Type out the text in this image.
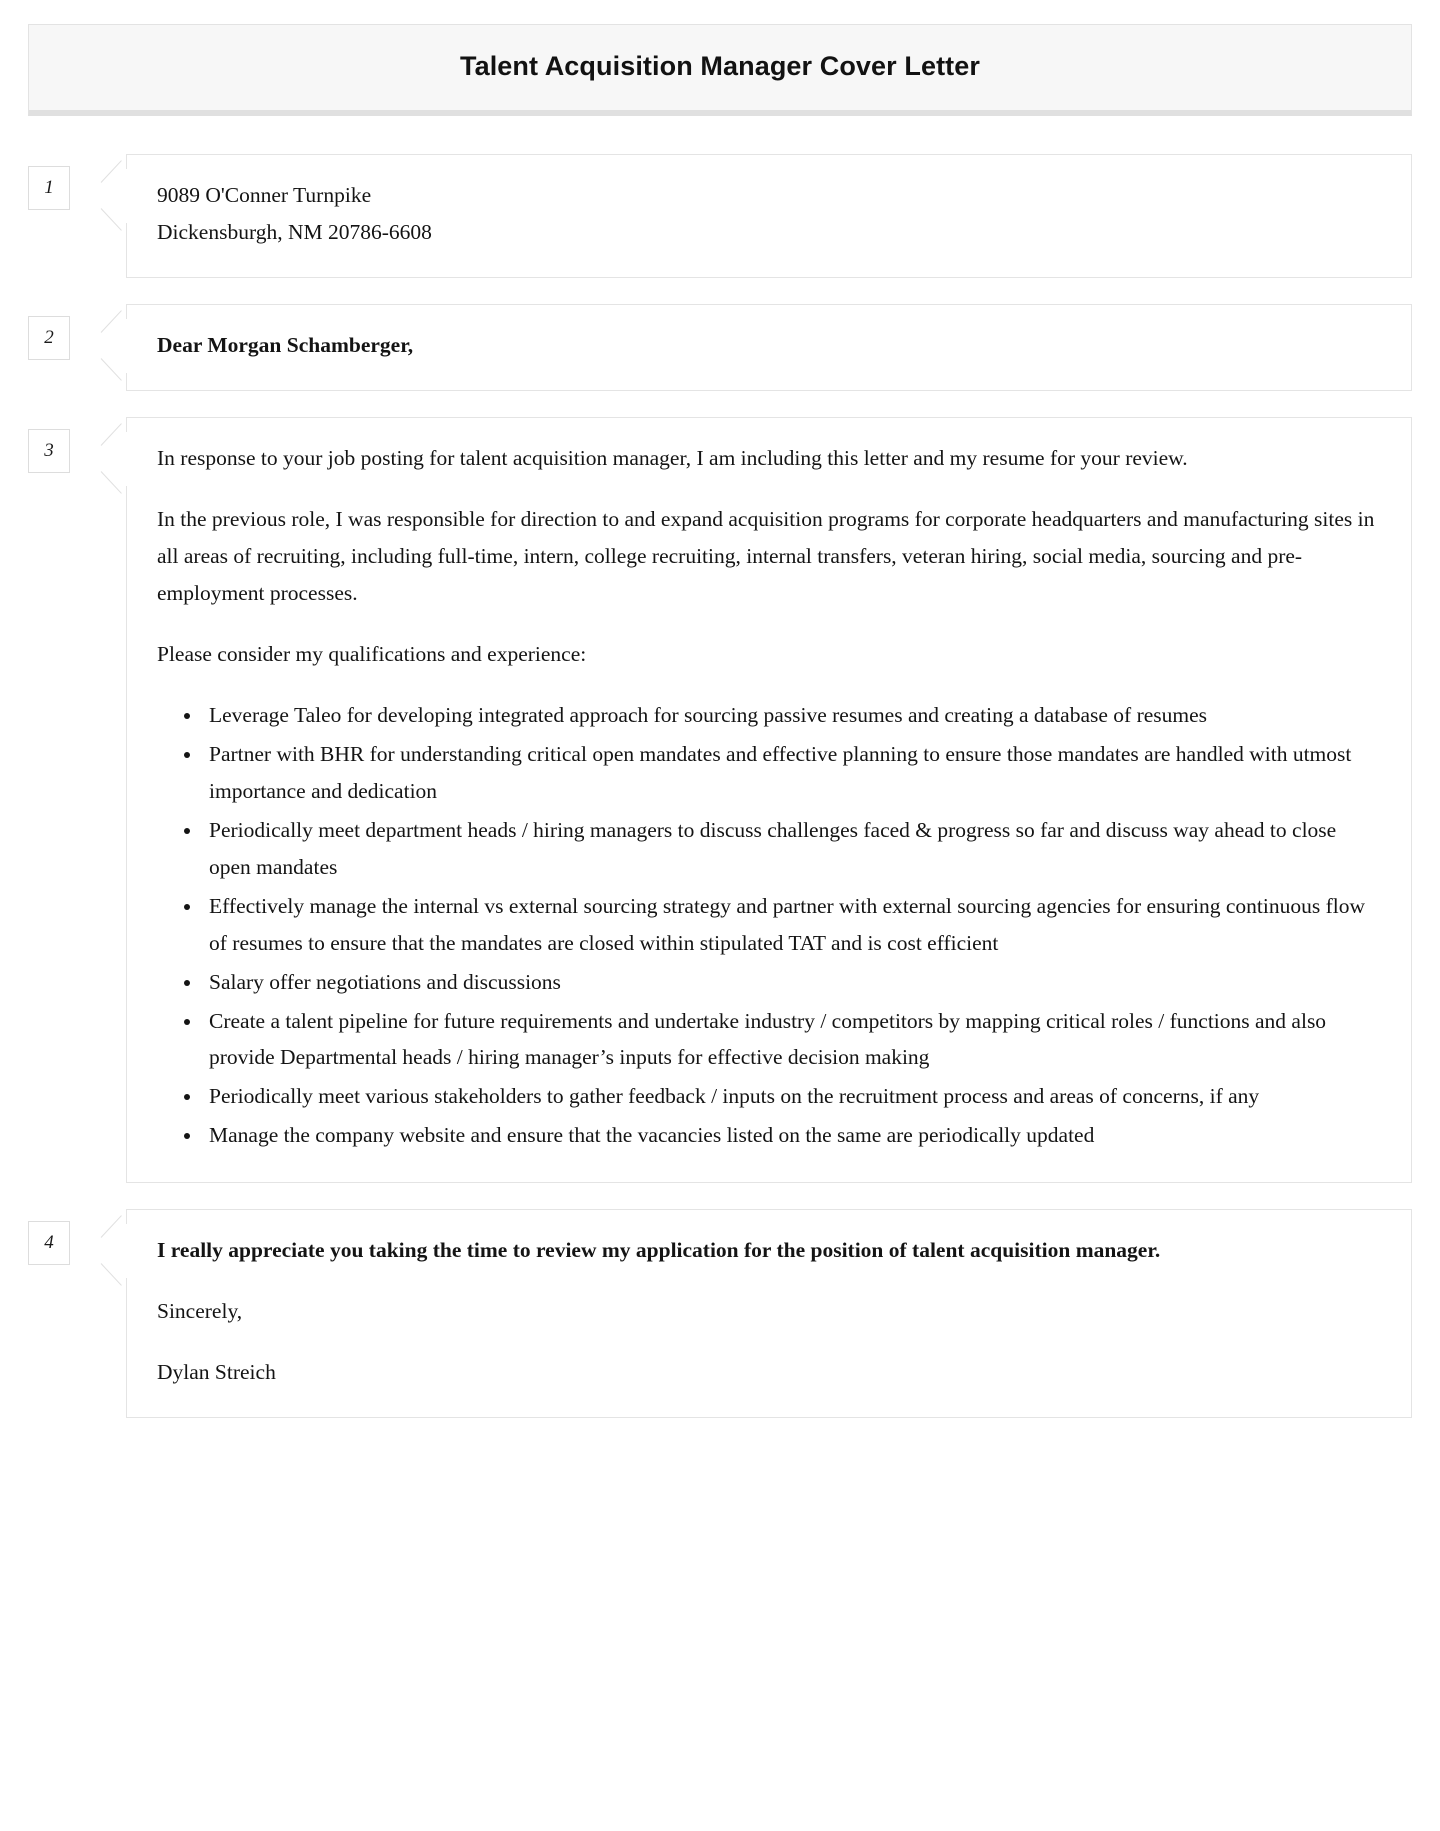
Talent Acquisition Manager Cover Letter
1	9089 O'Conner Turnpike
Dickensburgh, NM 20786-6608

2	Dear Morgan Schamberger,

3	In response to your job posting for talent acquisition manager, I am including this letter and my resume for your review.

In the previous role, I was responsible for direction to and expand acquisition programs for corporate headquarters and manufacturing sites in all areas of recruiting, including full-time, intern, college recruiting, internal transfers, veteran hiring, social media, sourcing and pre-employment processes.

Please consider my qualifications and experience:

• Leverage Taleo for developing integrated approach for sourcing passive resumes and creating a database of resumes
• Partner with BHR for understanding critical open mandates and effective planning to ensure those mandates are handled with utmost importance and dedication
• Periodically meet department heads / hiring managers to discuss challenges faced & progress so far and discuss way ahead to close open mandates
• Effectively manage the internal vs external sourcing strategy and partner with external sourcing agencies for ensuring continuous flow of resumes to ensure that the mandates are closed within stipulated TAT and is cost efficient
• Salary offer negotiations and discussions
• Create a talent pipeline for future requirements and undertake industry / competitors by mapping critical roles / functions and also provide Departmental heads / hiring manager’s inputs for effective decision making
• Periodically meet various stakeholders to gather feedback / inputs on the recruitment process and areas of concerns, if any
• Manage the company website and ensure that the vacancies listed on the same are periodically updated
4	I really appreciate you taking the time to review my application for the position of talent acquisition manager.

Sincerely,

Dylan Streich
